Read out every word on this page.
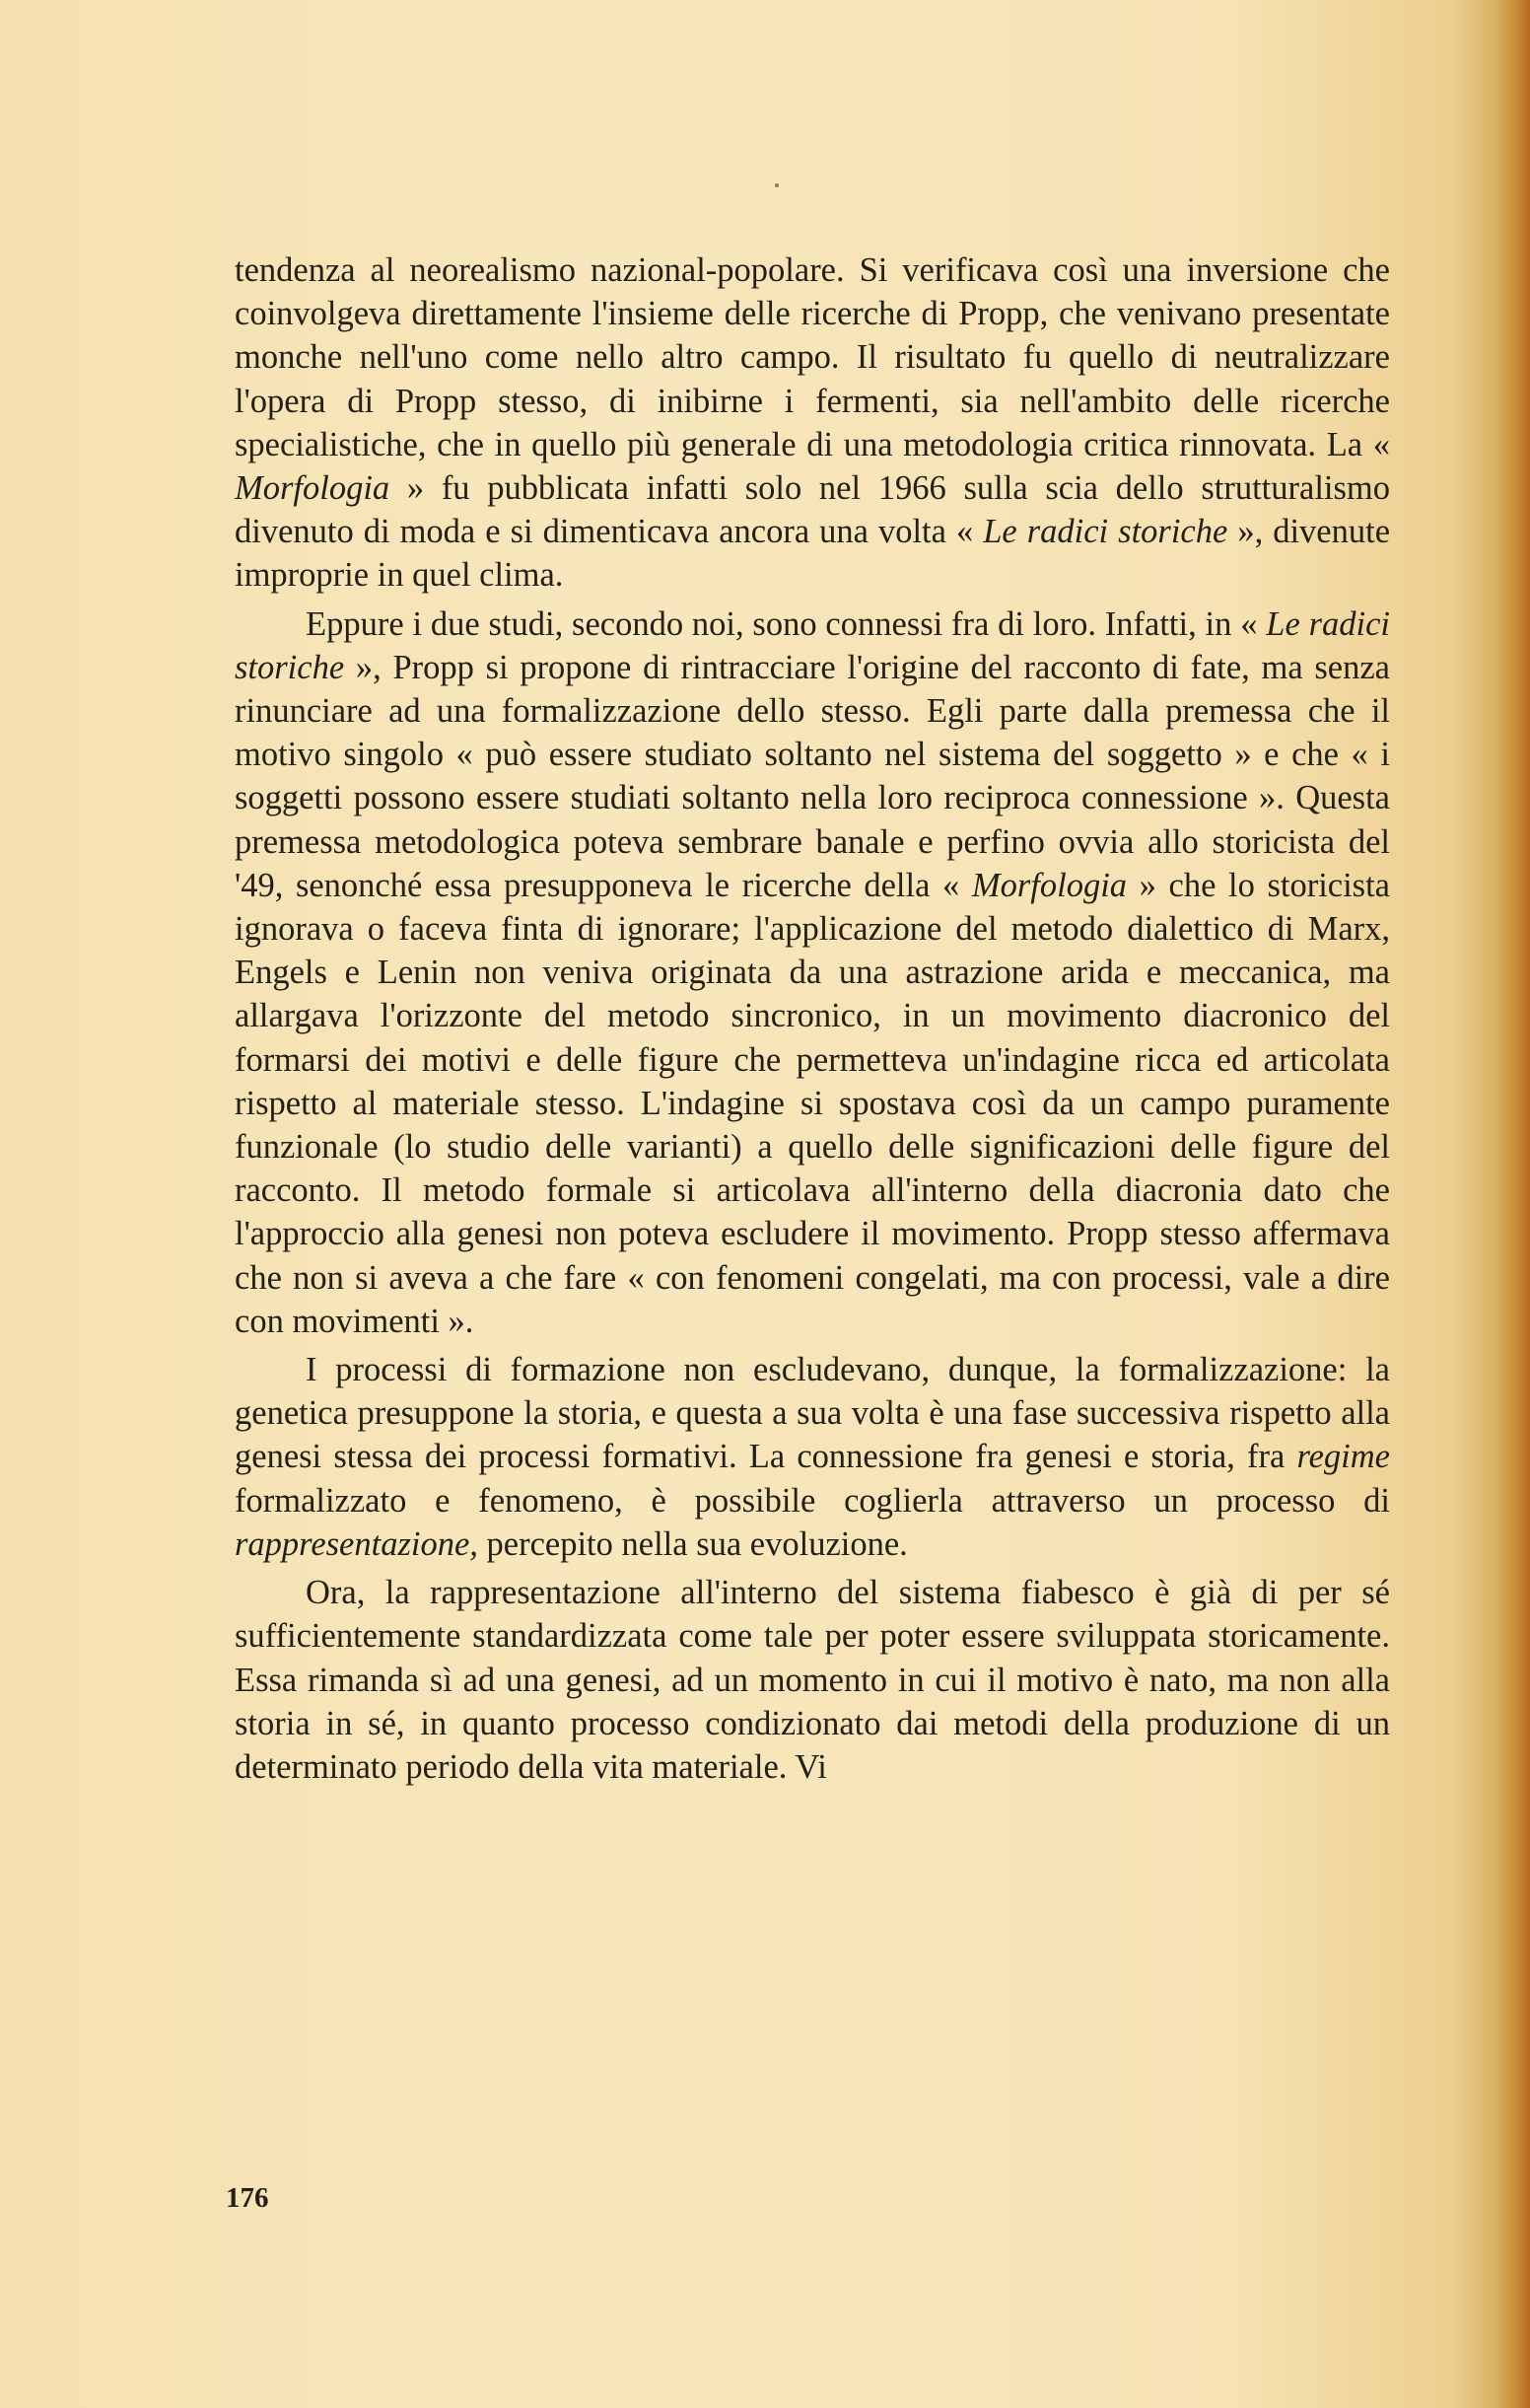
tendenza al neorealismo nazional-popolare. Si verificava così una inversione che coinvolgeva direttamente l'insieme delle ricerche di Propp, che venivano presentate monche nell'uno come nello altro campo. Il risultato fu quello di neutralizzare l'opera di Propp stesso, di inibirne i fermenti, sia nell'ambito delle ricerche specialistiche, che in quello più generale di una metodologia critica rinnovata. La « Morfologia » fu pubblicata infatti solo nel 1966 sulla scia dello strutturalismo divenuto di moda e si dimenticava ancora una volta « Le radici storiche », divenute improprie in quel clima.

Eppure i due studi, secondo noi, sono connessi fra di loro. Infatti, in « Le radici storiche », Propp si propone di rintracciare l'origine del racconto di fate, ma senza rinunciare ad una formalizzazione dello stesso. Egli parte dalla premessa che il motivo singolo « può essere studiato soltanto nel sistema del soggetto » e che « i soggetti possono essere studiati soltanto nella loro reciproca connessione ». Questa premessa metodologica poteva sembrare banale e perfino ovvia allo storicista del '49, senonché essa presupponeva le ricerche della « Morfologia » che lo storicista ignorava o faceva finta di ignorare; l'applicazione del metodo dialettico di Marx, Engels e Lenin non veniva originata da una astrazione arida e meccanica, ma allargava l'orizzonte del metodo sincronico, in un movimento diacronico del formarsi dei motivi e delle figure che permetteva un'indagine ricca ed articolata rispetto al materiale stesso. L'indagine si spostava così da un campo puramente funzionale (lo studio delle varianti) a quello delle significazioni delle figure del racconto. Il metodo formale si articolava all'interno della diacronia dato che l'approccio alla genesi non poteva escludere il movimento. Propp stesso affermava che non si aveva a che fare « con fenomeni congelati, ma con processi, vale a dire con movimenti ».

I processi di formazione non escludevano, dunque, la formalizzazione: la genetica presuppone la storia, e questa a sua volta è una fase successiva rispetto alla genesi stessa dei processi formativi. La connessione fra genesi e storia, fra regime formalizzato e fenomeno, è possibile coglierla attraverso un processo di rappresentazione, percepito nella sua evoluzione.

Ora, la rappresentazione all'interno del sistema fiabesco è già di per sé sufficientemente standardizzata come tale per poter essere sviluppata storicamente. Essa rimanda sì ad una genesi, ad un momento in cui il motivo è nato, ma non alla storia in sé, in quanto processo condizionato dai metodi della produzione di un determinato periodo della vita materiale. Vi

176
